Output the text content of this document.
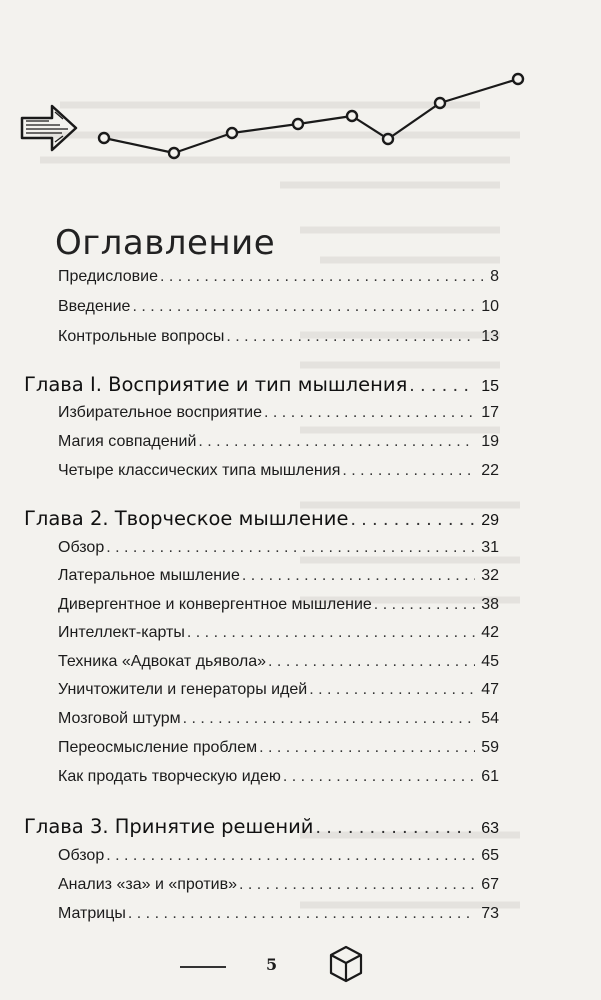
Оглавление
Предисловие . . .	8
Введение . . .	10
Контрольные вопросы . . .	13
Глава I. Восприятие и тип мышления . . .	15
Избирательное восприятие . . .	17
Магия совпадений . . .	19
Четыре классических типа мышления . . .	22
Глава 2. Творческое мышление . . .	29
Обзор . . .	31
Латеральное мышление . . .	32
Дивергентное и конвергентное мышление . . .	38
Интеллект-карты . . .	42
Техника «Адвокат дьявола» . . .	45
Уничтожители и генераторы идей . . .	47
Мозговой штурм . . .	54
Переосмысление проблем . . .	59
Как продать творческую идею . . .	61
Глава 3. Принятие решений . . .	63
Обзор . . .	65
Анализ «за» и «против» . . .	67
Матрицы . . .	73
5
